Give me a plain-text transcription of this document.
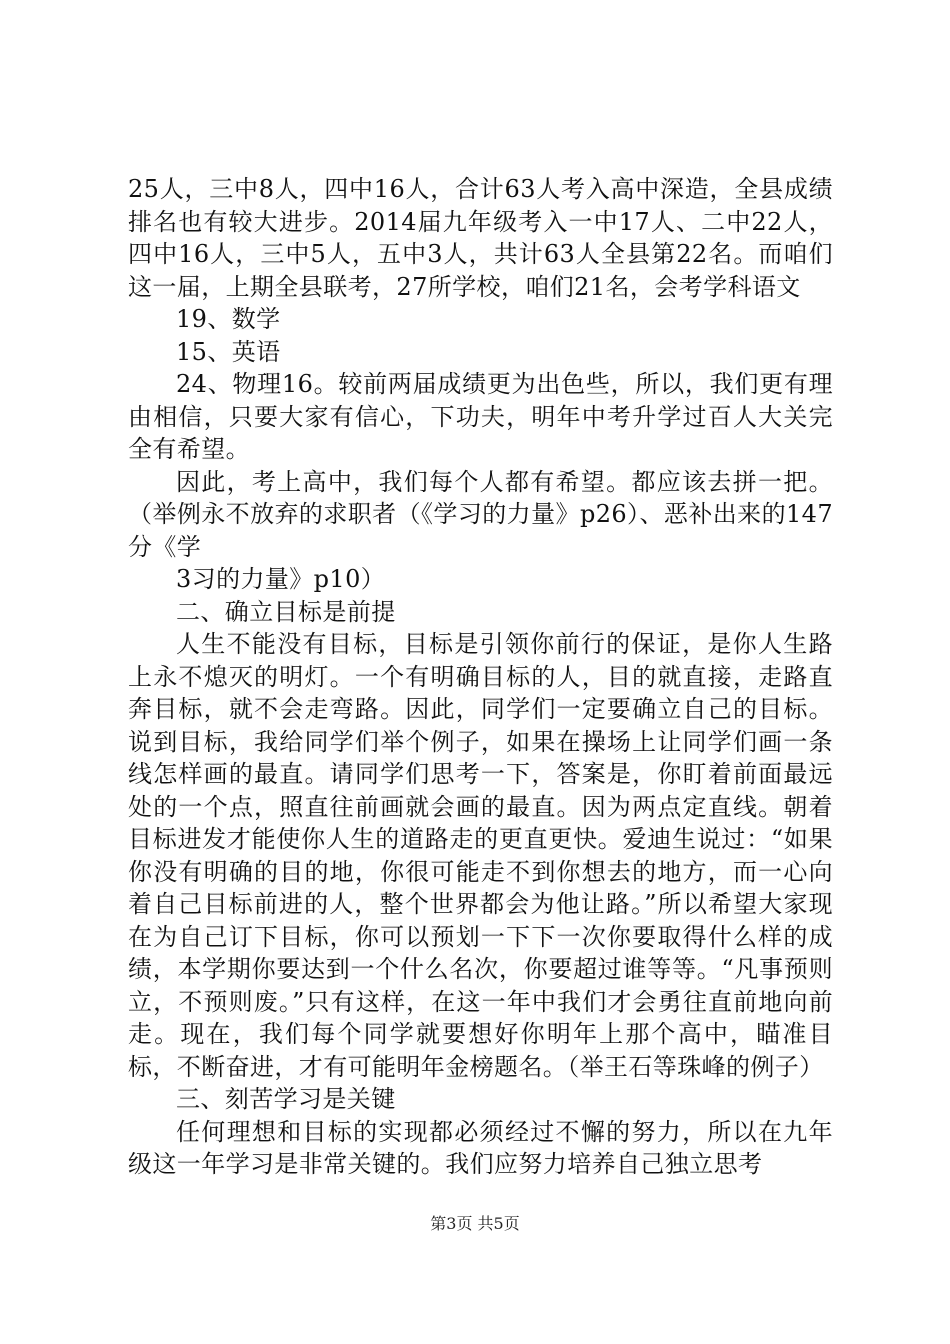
25人，三中8人，四中16人，合计63人考入高中深造，全县成绩排名也有较大进步。2014届九年级考入一中17人、二中22人，四中16人，三中5人，五中3人，共计63人全县第22名。而咱们这一届，上期全县联考，27所学校，咱们21名，会考学科语文

19、数学

15、英语

24、物理16。较前两届成绩更为出色些，所以，我们更有理由相信，只要大家有信心，下功夫，明年中考升学过百人大关完全有希望。

因此，考上高中，我们每个人都有希望。都应该去拼一把。（举例永不放弃的求职者（《学习的力量》p26）、恶补出来的147分《学

3习的力量》p10）

二、确立目标是前提

人生不能没有目标，目标是引领你前行的保证，是你人生路上永不熄灭的明灯。一个有明确目标的人，目的就直接，走路直奔目标，就不会走弯路。因此，同学们一定要确立自己的目标。说到目标，我给同学们举个例子，如果在操场上让同学们画一条线怎样画的最直。请同学们思考一下，答案是，你盯着前面最远处的一个点，照直往前画就会画的最直。因为两点定直线。朝着目标进发才能使你人生的道路走的更直更快。爱迪生说过：“如果你没有明确的目的地，你很可能走不到你想去的地方，而一心向着自己目标前进的人，整个世界都会为他让路。”所以希望大家现在为自己订下目标，你可以预划一下下一次你要取得什么样的成绩，本学期你要达到一个什么名次，你要超过谁等等。“凡事预则立，不预则废。”只有这样，在这一年中我们才会勇往直前地向前走。现在，我们每个同学就要想好你明年上那个高中，瞄准目标，不断奋进，才有可能明年金榜题名。（举王石等珠峰的例子）

三、刻苦学习是关键

任何理想和目标的实现都必须经过不懈的努力，所以在九年级这一年学习是非常关键的。我们应努力培养自己独立思考

第3页 共5页
